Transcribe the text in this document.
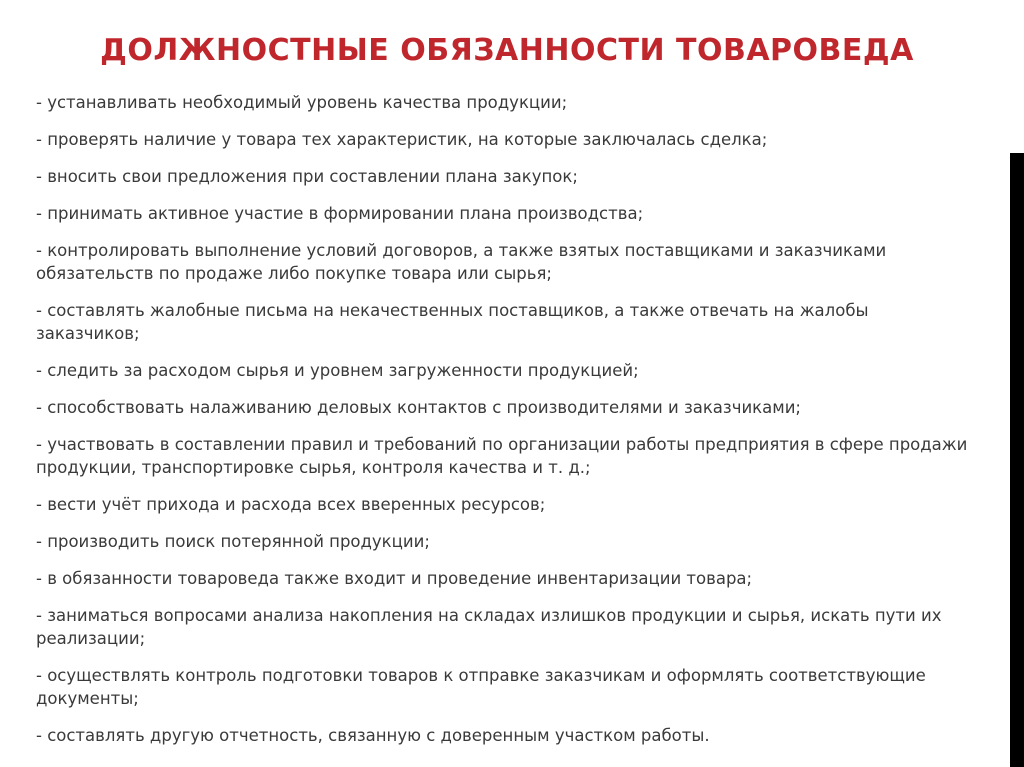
ДОЛЖНОСТНЫЕ ОБЯЗАННОСТИ ТОВАРОВЕДА
- устанавливать необходимый уровень качества продукции;
- проверять наличие у товара тех характеристик, на которые заключалась сделка;
- вносить свои предложения при составлении плана закупок;
- принимать активное участие в формировании плана производства;
- контролировать выполнение условий договоров, а также взятых поставщиками и заказчиками обязательств по продаже либо покупке товара или сырья;
- составлять жалобные письма на некачественных поставщиков, а также отвечать на жалобы заказчиков;
- следить за расходом сырья и уровнем загруженности продукцией;
- способствовать налаживанию деловых контактов с производителями и заказчиками;
- участвовать в составлении правил и требований по организации работы предприятия в сфере продажи продукции, транспортировке сырья, контроля качества и т. д.;
- вести учёт прихода и расхода всех вверенных ресурсов;
- производить поиск потерянной продукции;
- в обязанности товароведа также входит и проведение инвентаризации товара;
- заниматься вопросами анализа накопления на складах излишков продукции и сырья, искать пути их реализации;
- осуществлять контроль подготовки товаров к отправке заказчикам и оформлять соответствующие документы;
- составлять другую отчетность, связанную с доверенным участком работы.
